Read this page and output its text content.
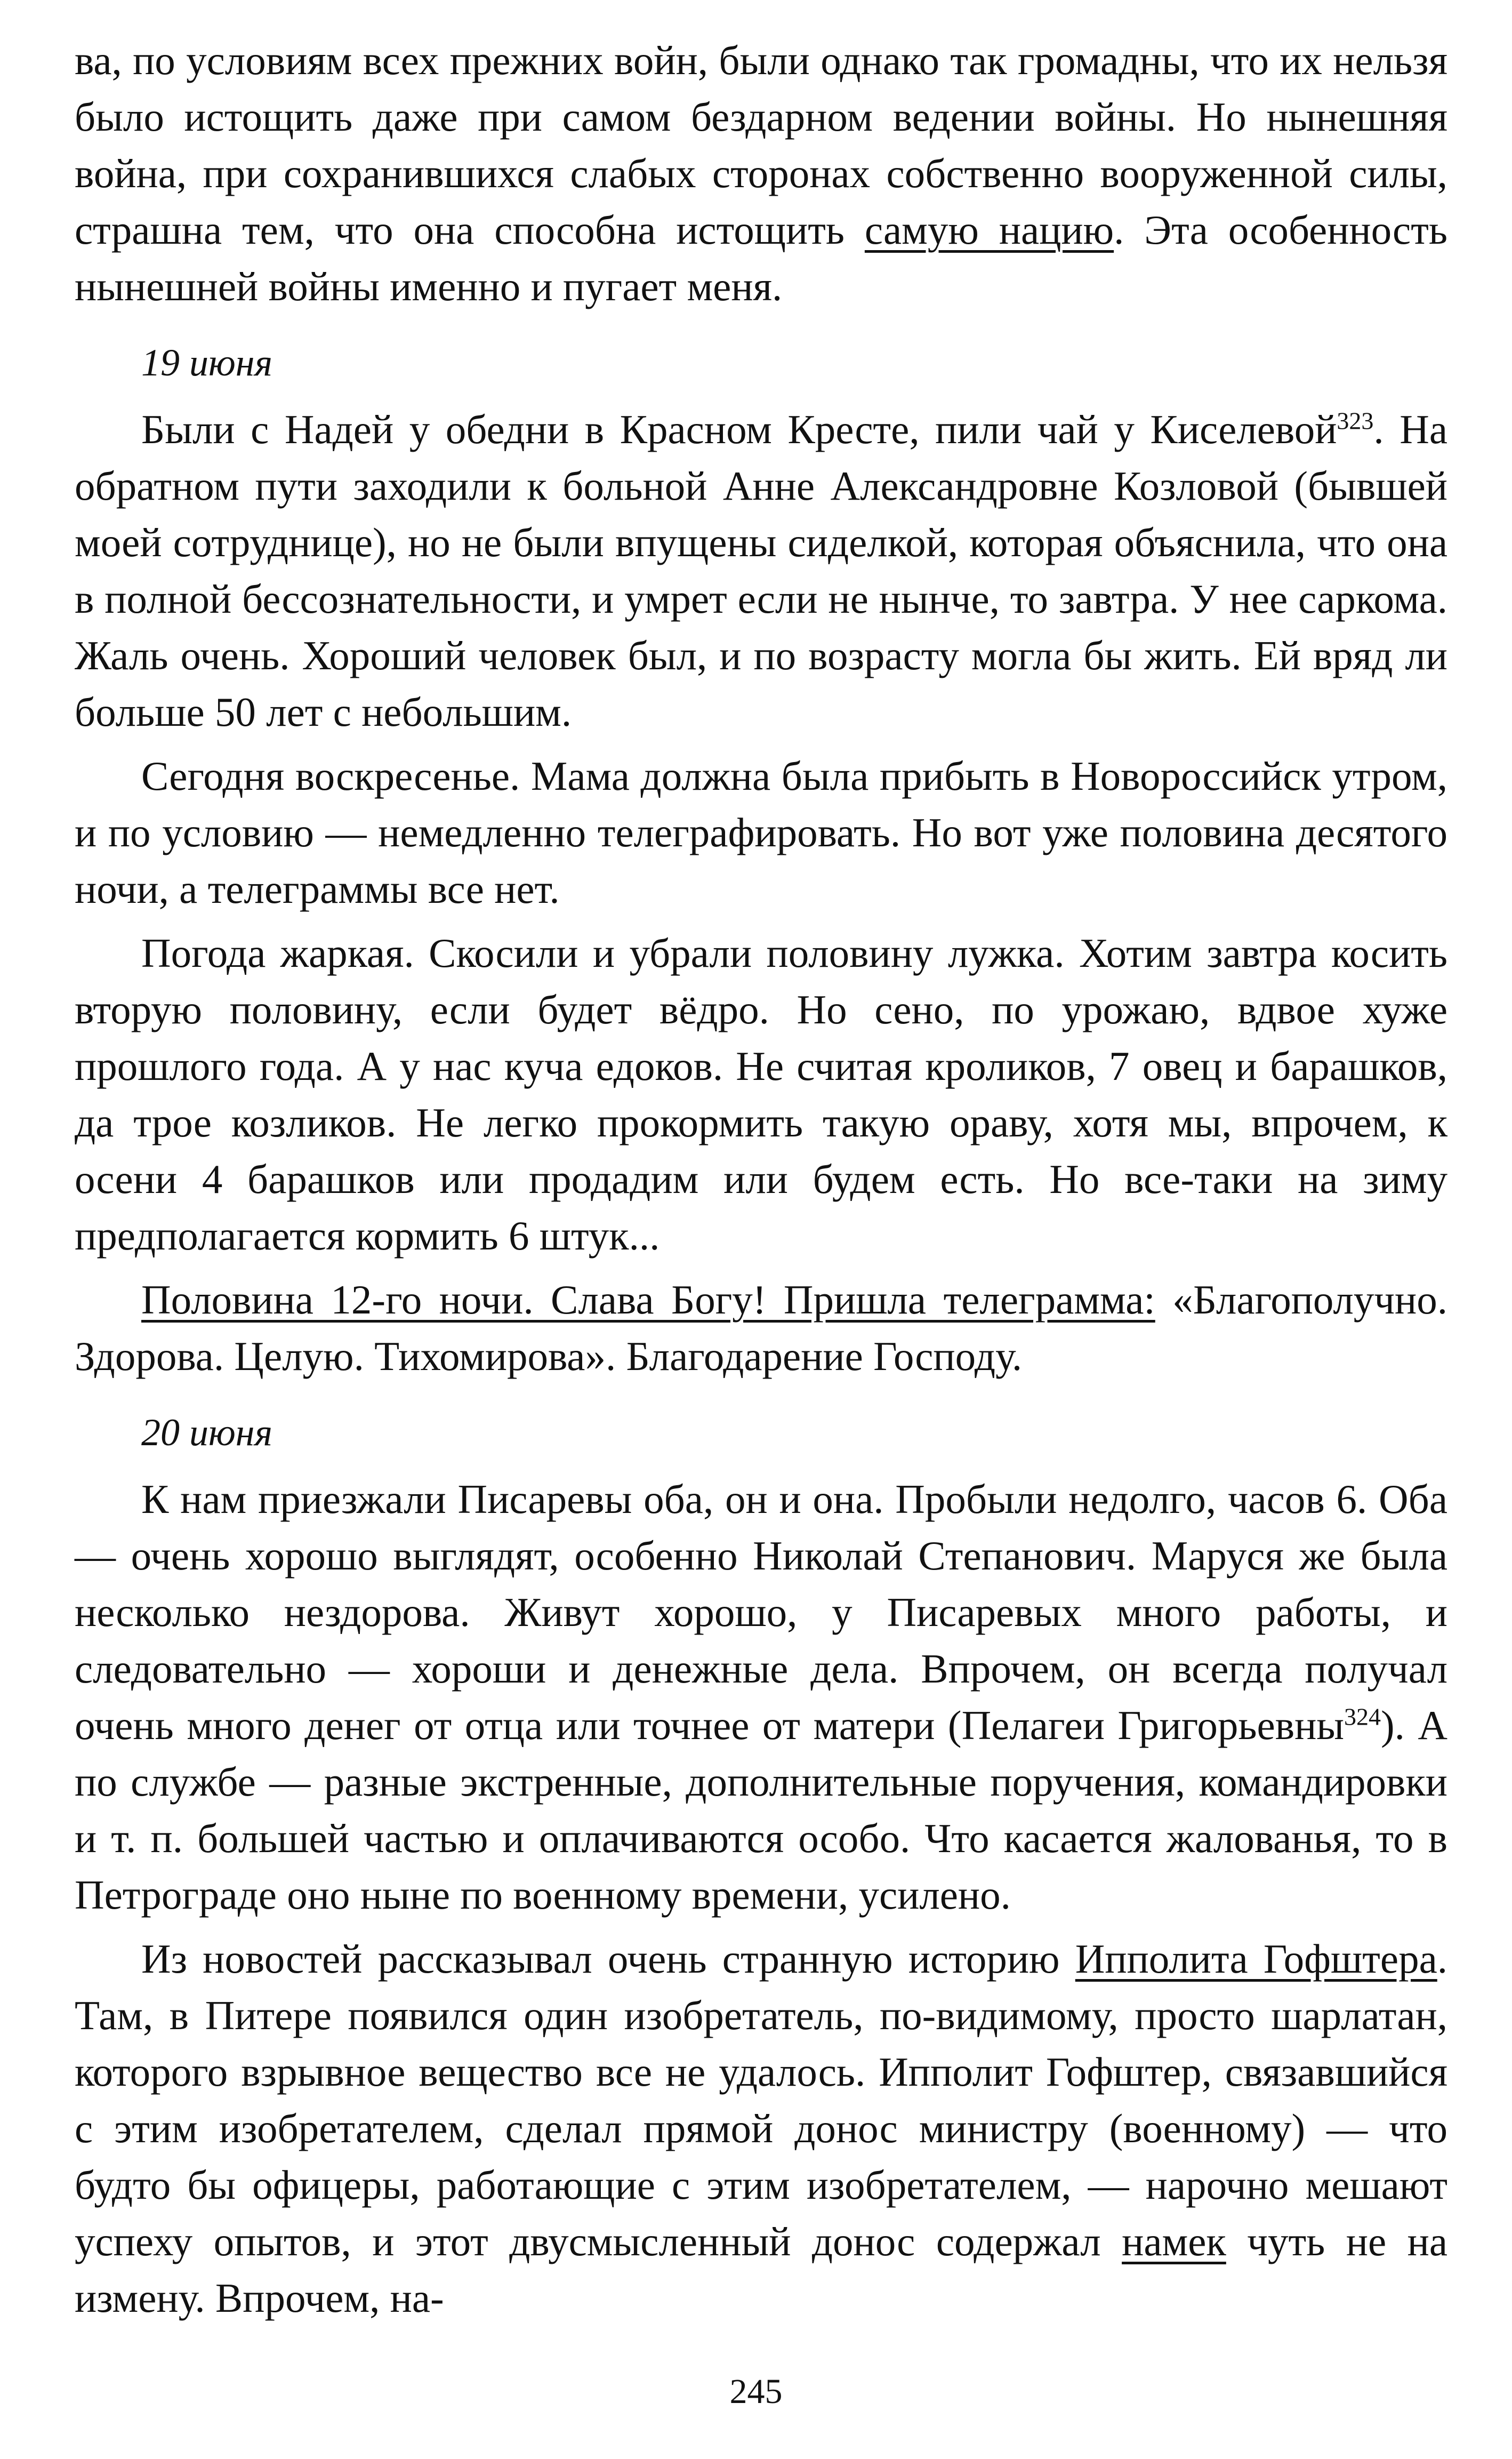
ва, по условиям всех прежних войн, были однако так громадны, что их нельзя было истощить даже при самом бездарном ведении войны. Но нынешняя война, при сохранившихся слабых сторонах собственно вооруженной силы, страшна тем, что она способна истощить самую нацию. Эта особенность нынешней войны именно и пугает меня.

19 июня

Были с Надей у обедни в Красном Кресте, пили чай у Киселевой$^{323}$. На обратном пути заходили к больной Анне Александровне Козловой (бывшей моей сотруднице), но не были впущены сиделкой, которая объяснила, что она в полной бессознательности, и умрет если не нынче, то завтра. У нее саркома. Жаль очень. Хороший человек был, и по возрасту могла бы жить. Ей вряд ли больше 50 лет с небольшим.

Сегодня воскресенье. Мама должна была прибыть в Новороссийск утром, и по условию — немедленно телеграфировать. Но вот уже половина десятого ночи, а телеграммы все нет.

Погода жаркая. Скосили и убрали половину лужка. Хотим завтра косить вторую половину, если будет вёдро. Но сено, по урожаю, вдвое хуже прошлого года. А у нас куча едоков. Не считая кроликов, 7 овец и барашков, да трое козликов. Не легко прокормить такую ораву, хотя мы, впрочем, к осени 4 барашков или продадим или будем есть. Но все-таки на зиму предполагается кормить 6 штук...

Половина 12-го ночи. Слава Богу! Пришла телеграмма: «Благополучно. Здорова. Целую. Тихомирова». Благодарение Господу.

20 июня

К нам приезжали Писаревы оба, он и она. Пробыли недолго, часов 6. Оба — очень хорошо выглядят, особенно Николай Степанович. Маруся же была несколько нездорова. Живут хорошо, у Писаревых много работы, и следовательно — хороши и денежные дела. Впрочем, он всегда получал очень много денег от отца или точнее от матери (Пелагеи Григорьевны$^{324}$). А по службе — разные экстренные, дополнительные поручения, командировки и т. п. большей частью и оплачиваются особо. Что касается жалованья, то в Петрограде оно ныне по военному времени, усилено.

Из новостей рассказывал очень странную историю Ипполита Гофштера. Там, в Питере появился один изобретатель, по-видимому, просто шарлатан, которого взрывное вещество все не удалось. Ипполит Гофштер, связавшийся с этим изобретателем, сделал прямой донос министру (военному) — что будто бы офицеры, работающие с этим изобретателем, — нарочно мешают успеху опытов, и этот двусмысленный донос содержал намек чуть не на измену. Впрочем, на-

245
